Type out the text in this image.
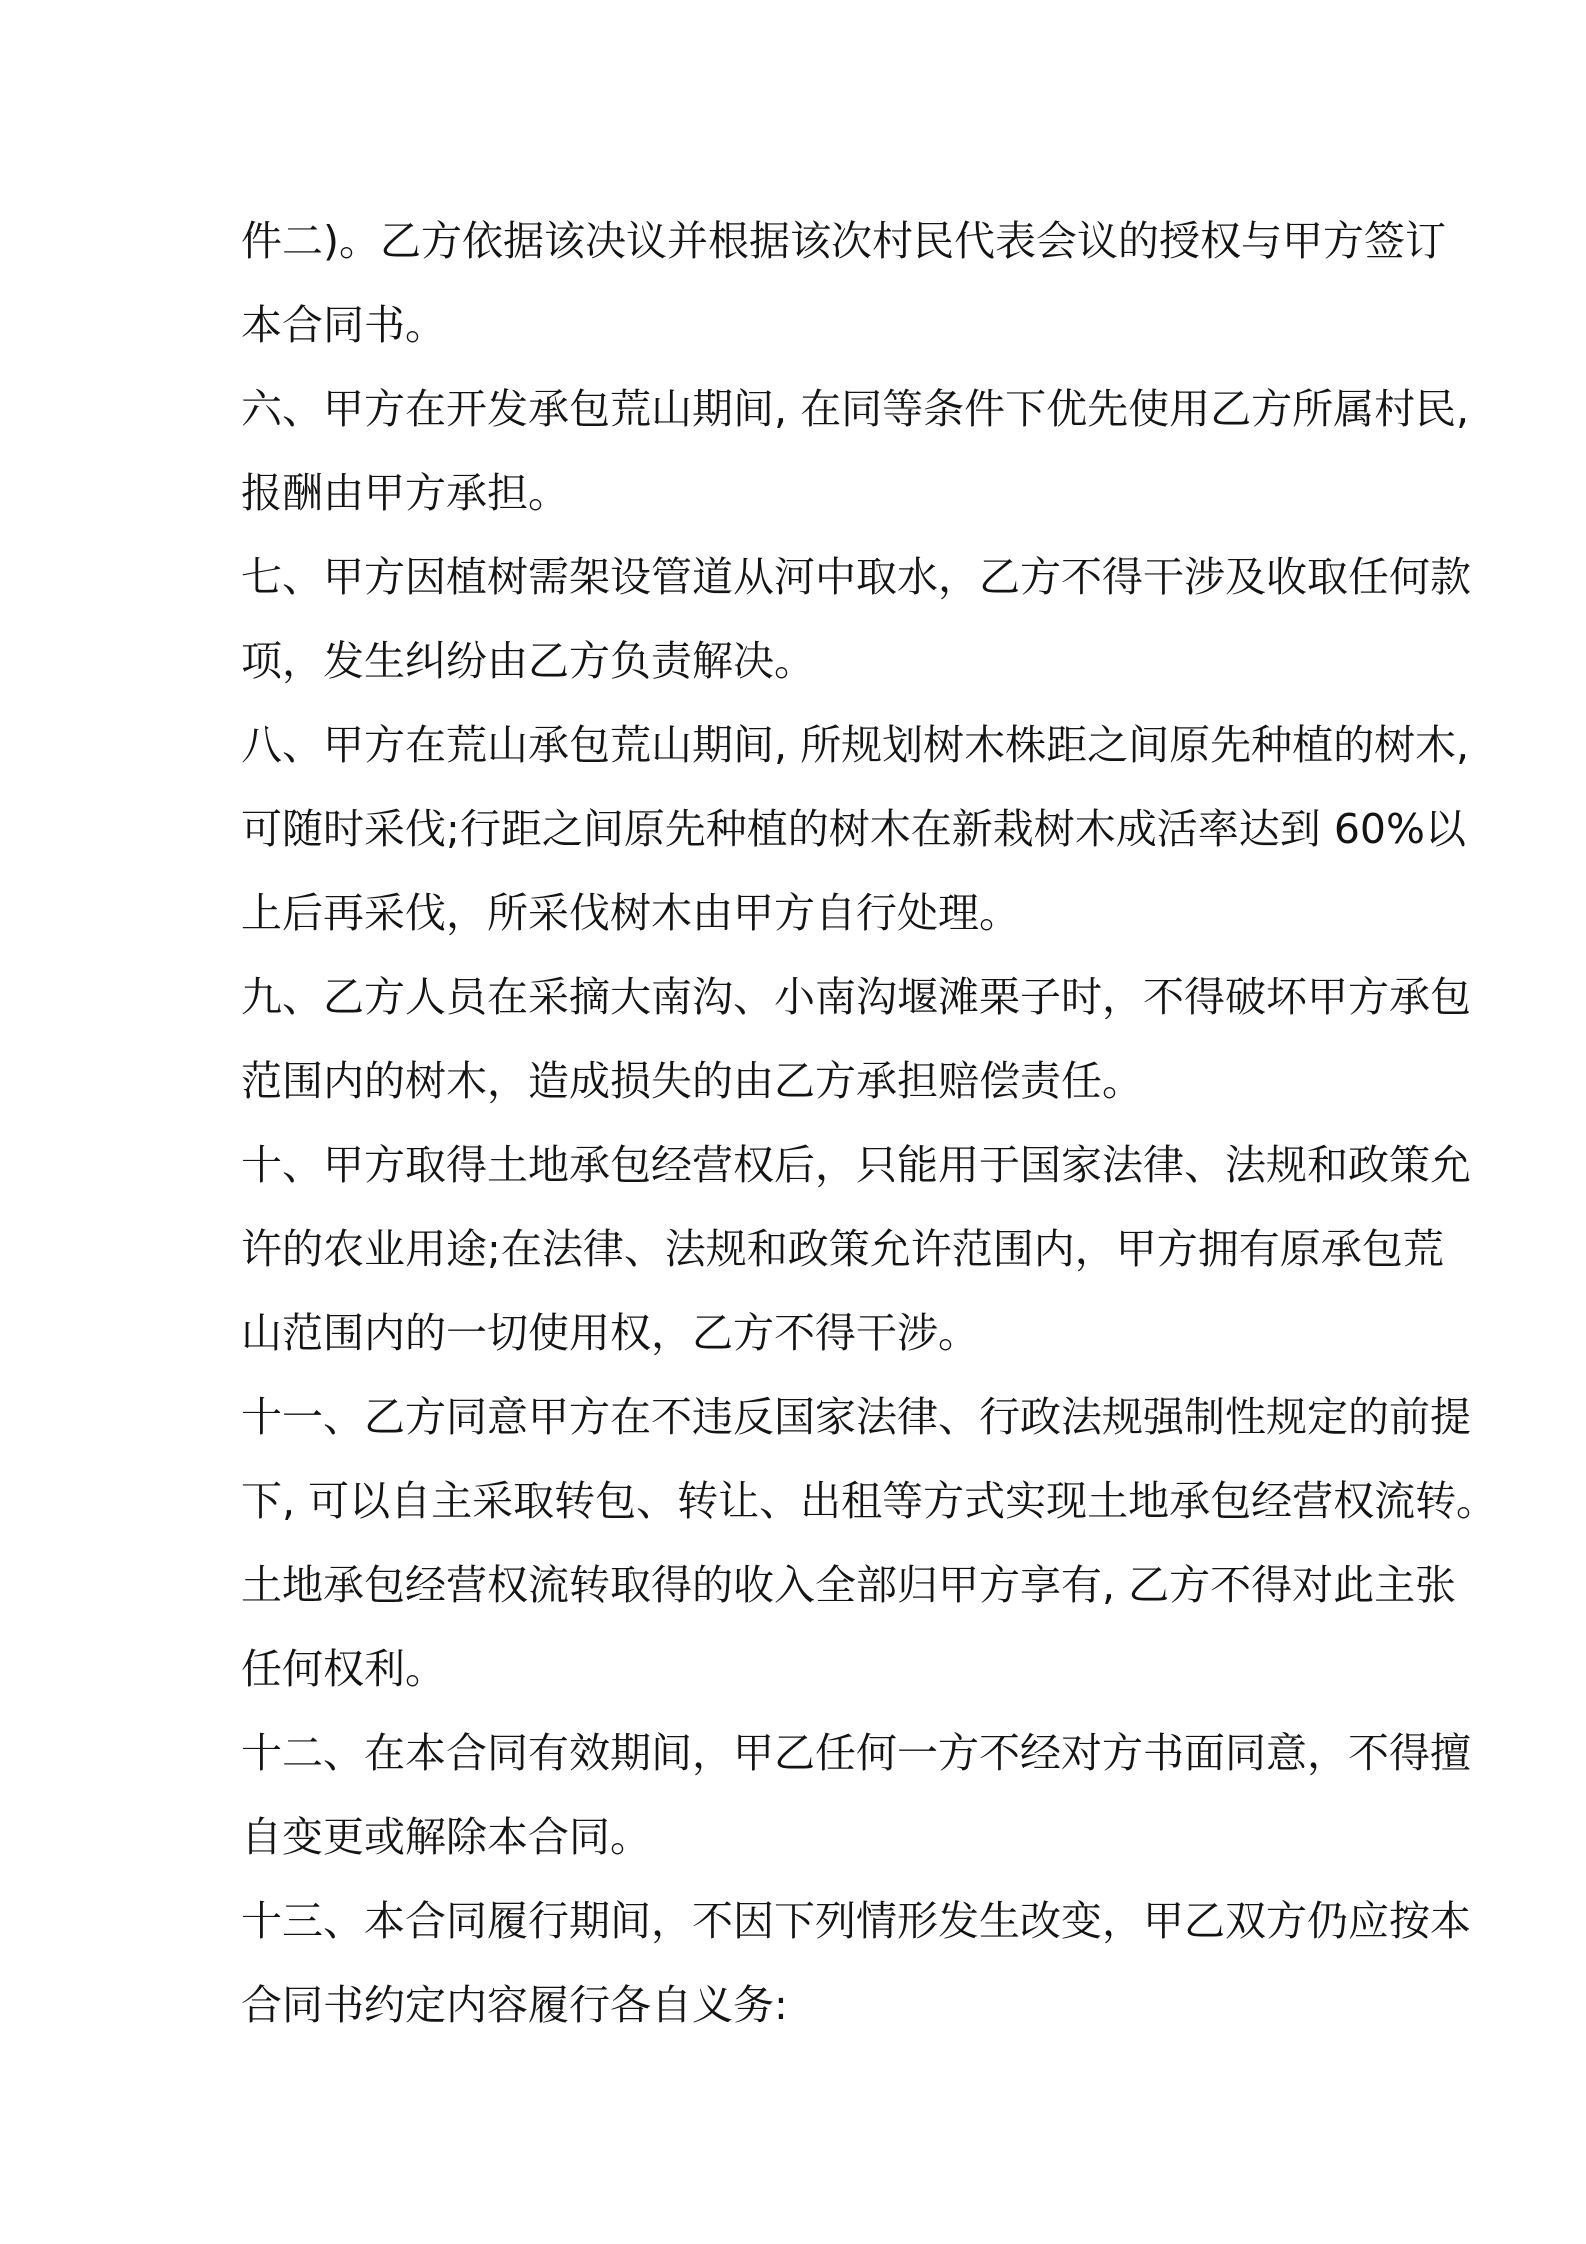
件二)。乙方依据该决议并根据该次村民代表会议的授权与甲方签订
本合同书。
六、甲方在开发承包荒山期间, 在同等条件下优先使用乙方所属村民,
报酬由甲方承担。
七、甲方因植树需架设管道从河中取水，乙方不得干涉及收取任何款
项，发生纠纷由乙方负责解决。
八、甲方在荒山承包荒山期间, 所规划树木株距之间原先种植的树木,
可随时采伐;行距之间原先种植的树木在新栽树木成活率达到 60%以
上后再采伐，所采伐树木由甲方自行处理。
九、乙方人员在采摘大南沟、小南沟堰滩栗子时，不得破坏甲方承包
范围内的树木，造成损失的由乙方承担赔偿责任。
十、甲方取得土地承包经营权后，只能用于国家法律、法规和政策允
许的农业用途;在法律、法规和政策允许范围内，甲方拥有原承包荒
山范围内的一切使用权，乙方不得干涉。
十一、乙方同意甲方在不违反国家法律、行政法规强制性规定的前提
下, 可以自主采取转包、转让、出租等方式实现土地承包经营权流转。
土地承包经营权流转取得的收入全部归甲方享有, 乙方不得对此主张
任何权利。
十二、在本合同有效期间，甲乙任何一方不经对方书面同意，不得擅
自变更或解除本合同。
十三、本合同履行期间，不因下列情形发生改变，甲乙双方仍应按本
合同书约定内容履行各自义务:
